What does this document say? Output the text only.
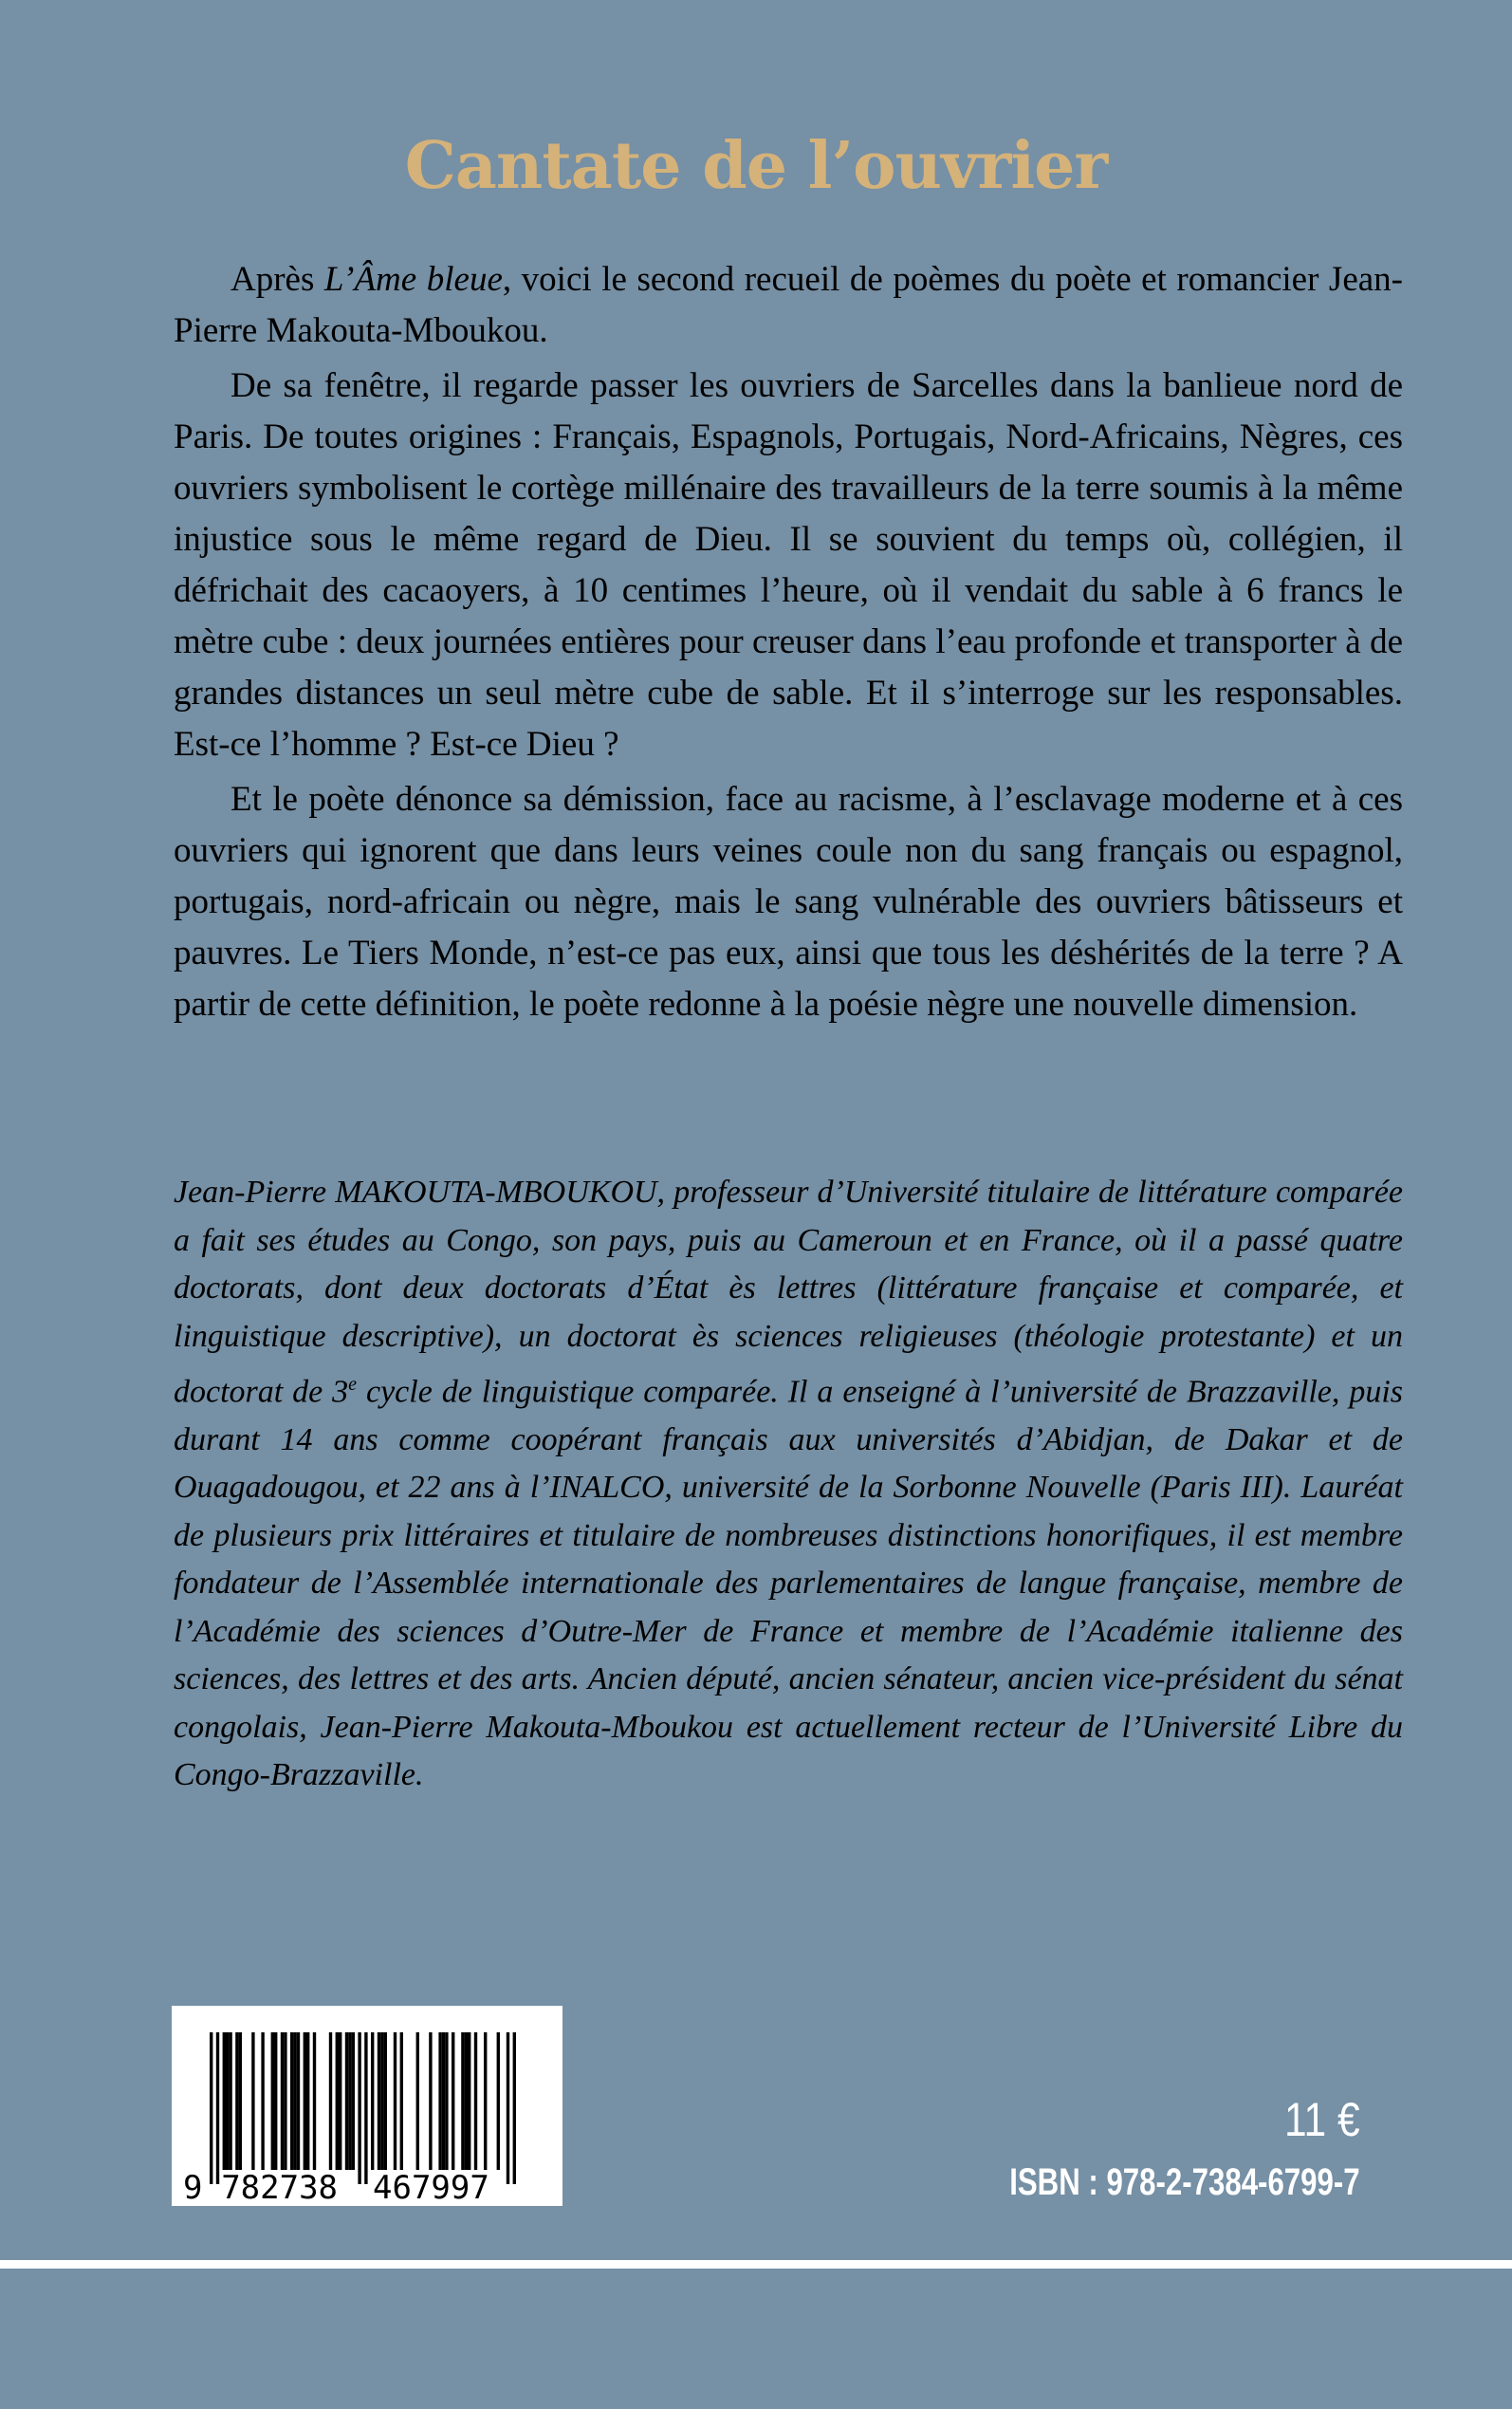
Cantate de l’ouvrier

Après L’Âme bleue, voici le second recueil de poèmes du poète et romancier Jean-Pierre Makouta-Mboukou.

De sa fenêtre, il regarde passer les ouvriers de Sarcelles dans la banlieue nord de Paris. De toutes origines : Français, Espagnols, Portugais, Nord-Africains, Nègres, ces ouvriers symbolisent le cortège millénaire des travailleurs de la terre soumis à la même injustice sous le même regard de Dieu. Il se souvient du temps où, collégien, il défrichait des cacaoyers, à 10 centimes l’heure, où il vendait du sable à 6 francs le mètre cube : deux journées entières pour creuser dans l’eau profonde et transporter à de grandes distances un seul mètre cube de sable. Et il s’interroge sur les responsables. Est-ce l’homme ? Est-ce Dieu ?

Et le poète dénonce sa démission, face au racisme, à l’esclavage moderne et à ces ouvriers qui ignorent que dans leurs veines coule non du sang français ou espagnol, portugais, nord-africain ou nègre, mais le sang vulnérable des ouvriers bâtisseurs et pauvres. Le Tiers Monde, n’est-ce pas eux, ainsi que tous les déshérités de la terre ? A partir de cette définition, le poète redonne à la poésie nègre une nouvelle dimension.

Jean-Pierre MAKOUTA-MBOUKOU, professeur d’Université titulaire de littérature comparée a fait ses études au Congo, son pays, puis au Cameroun et en France, où il a passé quatre doctorats, dont deux doctorats d’État ès lettres (littérature française et comparée, et linguistique descriptive), un doctorat ès sciences religieuses (théologie protestante) et un doctorat de 3e cycle de linguistique comparée. Il a enseigné à l’université de Brazzaville, puis durant 14 ans comme coopérant français aux universités d’Abidjan, de Dakar et de Ouagadougou, et 22 ans à l’INALCO, université de la Sorbonne Nouvelle (Paris III). Lauréat de plusieurs prix littéraires et titulaire de nombreuses distinctions honorifiques, il est membre fondateur de l’Assemblée internationale des parlementaires de langue française, membre de l’Académie des sciences d’Outre-Mer de France et membre de l’Académie italienne des sciences, des lettres et des arts. Ancien député, ancien sénateur, ancien vice-président du sénat congolais, Jean-Pierre Makouta-Mboukou est actuellement recteur de l’Université Libre du Congo-Brazzaville.

9 782738 467997
11 €
ISBN : 978-2-7384-6799-7
